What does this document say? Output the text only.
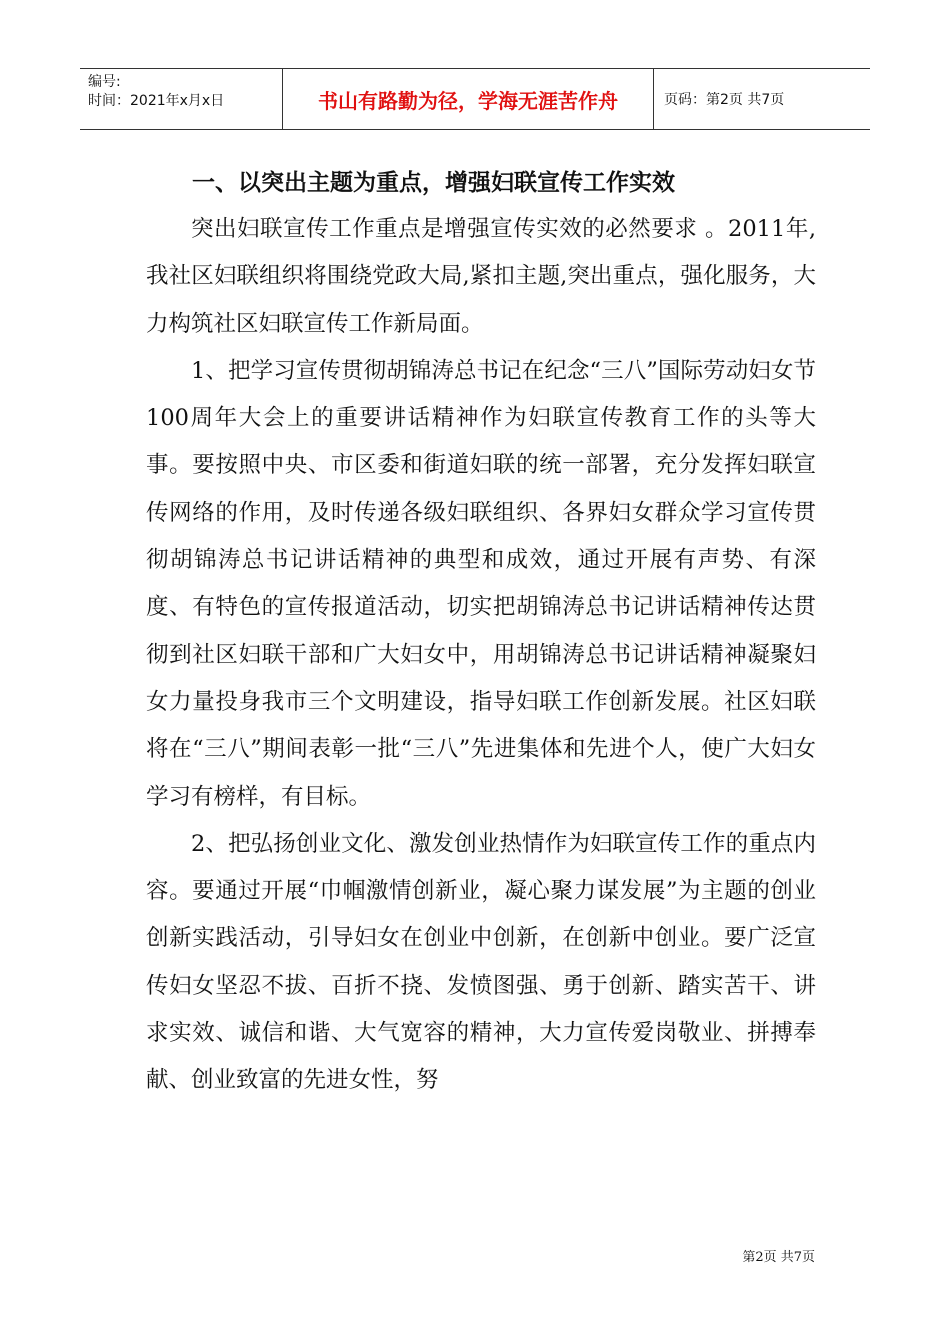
编号:
时间：2021年x月x日	书山有路勤为径，学海无涯苦作舟	页码：第2页 共7页
一、以突出主题为重点，增强妇联宣传工作实效

突出妇联宣传工作重点是增强宣传实效的必然要求 。2011年,我社区妇联组织将围绕党政大局,紧扣主题,突出重点，强化服务，大力构筑社区妇联宣传工作新局面。

1、把学习宣传贯彻胡锦涛总书记在纪念“三八”国际劳动妇女节100周年大会上的重要讲话精神作为妇联宣传教育工作的头等大事。要按照中央、市区委和街道妇联的统一部署，充分发挥妇联宣传网络的作用，及时传递各级妇联组织、各界妇女群众学习宣传贯彻胡锦涛总书记讲话精神的典型和成效，通过开展有声势、有深度、有特色的宣传报道活动，切实把胡锦涛总书记讲话精神传达贯彻到社区妇联干部和广大妇女中，用胡锦涛总书记讲话精神凝聚妇女力量投身我市三个文明建设，指导妇联工作创新发展。社区妇联将在“三八”期间表彰一批“三八”先进集体和先进个人，使广大妇女学习有榜样，有目标。

2、把弘扬创业文化、激发创业热情作为妇联宣传工作的重点内容。要通过开展“巾帼激情创新业，凝心聚力谋发展”为主题的创业创新实践活动，引导妇女在创业中创新，在创新中创业。要广泛宣传妇女坚忍不拔、百折不挠、发愤图强、勇于创新、踏实苦干、讲求实效、诚信和谐、大气宽容的精神，大力宣传爱岗敬业、拼搏奉献、创业致富的先进女性，努

第2页 共7页
